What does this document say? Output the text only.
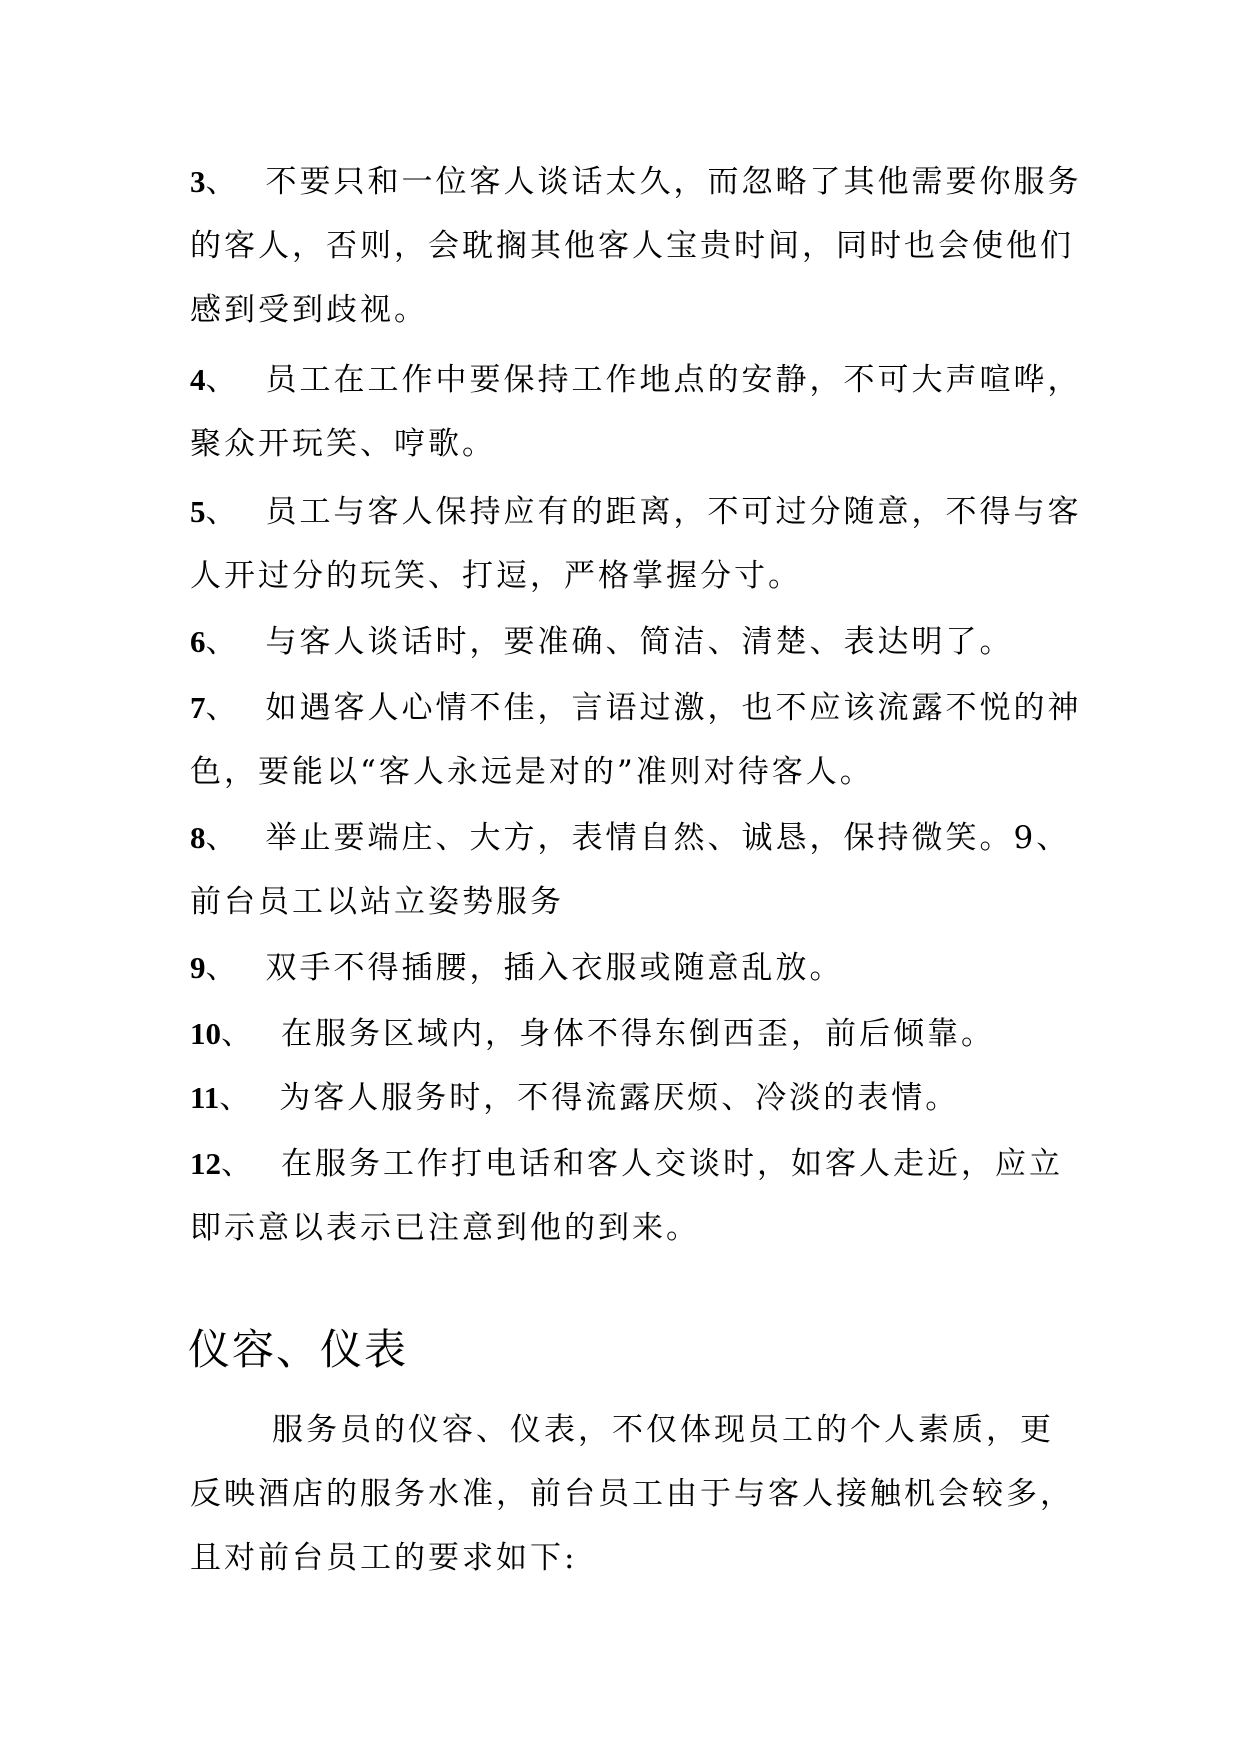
3、 不要只和一位客人谈话太久，而忽略了其他需要你服务
的客人，否则，会耽搁其他客人宝贵时间，同时也会使他们
感到受到歧视。
4、 员工在工作中要保持工作地点的安静，不可大声喧哗，
聚众开玩笑、哼歌。
5、 员工与客人保持应有的距离，不可过分随意，不得与客
人开过分的玩笑、打逗，严格掌握分寸。
6、 与客人谈话时，要准确、简洁、清楚、表达明了。
7、 如遇客人心情不佳，言语过激，也不应该流露不悦的神
色，要能以“客人永远是对的”准则对待客人。
8、 举止要端庄、大方，表情自然、诚恳，保持微笑。9、
前台员工以站立姿势服务
9、 双手不得插腰，插入衣服或随意乱放。
10、 在服务区域内，身体不得东倒西歪，前后倾靠。
11、 为客人服务时，不得流露厌烦、冷淡的表情。
12、 在服务工作打电话和客人交谈时，如客人走近，应立
即示意以表示已注意到他的到来。
仪容、仪表
服务员的仪容、仪表，不仅体现员工的个人素质，更
反映酒店的服务水准，前台员工由于与客人接触机会较多，
且对前台员工的要求如下:
